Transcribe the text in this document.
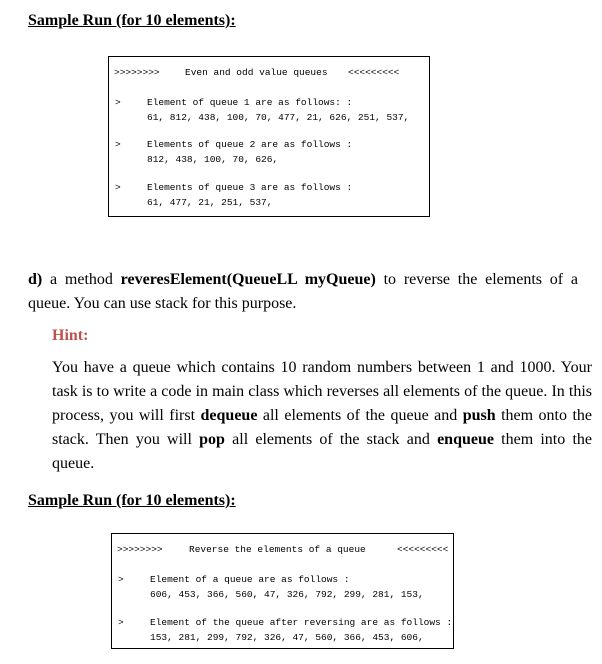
Sample Run (for 10 elements):
>>>>>>>>	Even and odd value queues <<<<<<<<<
>	Element of queue 1 are as follows: :
61, 812, 438, 100, 70, 477, 21, 626, 251, 537,
>	Elements of queue 2 are as follows :
812, 438, 100, 70, 626,
>	Elements of queue 3 are as follows :
61, 477, 21, 251, 537,
d) a method reveresElement(QueueLL myQueue) to reverse the elements of a queue. You can use stack for this purpose.
Hint:
You have a queue which contains 10 random numbers between 1 and 1000. Your task is to write a code in main class which reverses all elements of the queue. In this process, you will first dequeue all elements of the queue and push them onto the stack. Then you will pop all elements of the stack and enqueue them into the queue.
Sample Run (for 10 elements):
>>>>>>>>	Reverse the elements of a queue	<<<<<<<<<
>	Element of a queue are as follows :
606, 453, 366, 560, 47, 326, 792, 299, 281, 153,
>	Element of the queue after reversing are as follows :
153, 281, 299, 792, 326, 47, 560, 366, 453, 606,
